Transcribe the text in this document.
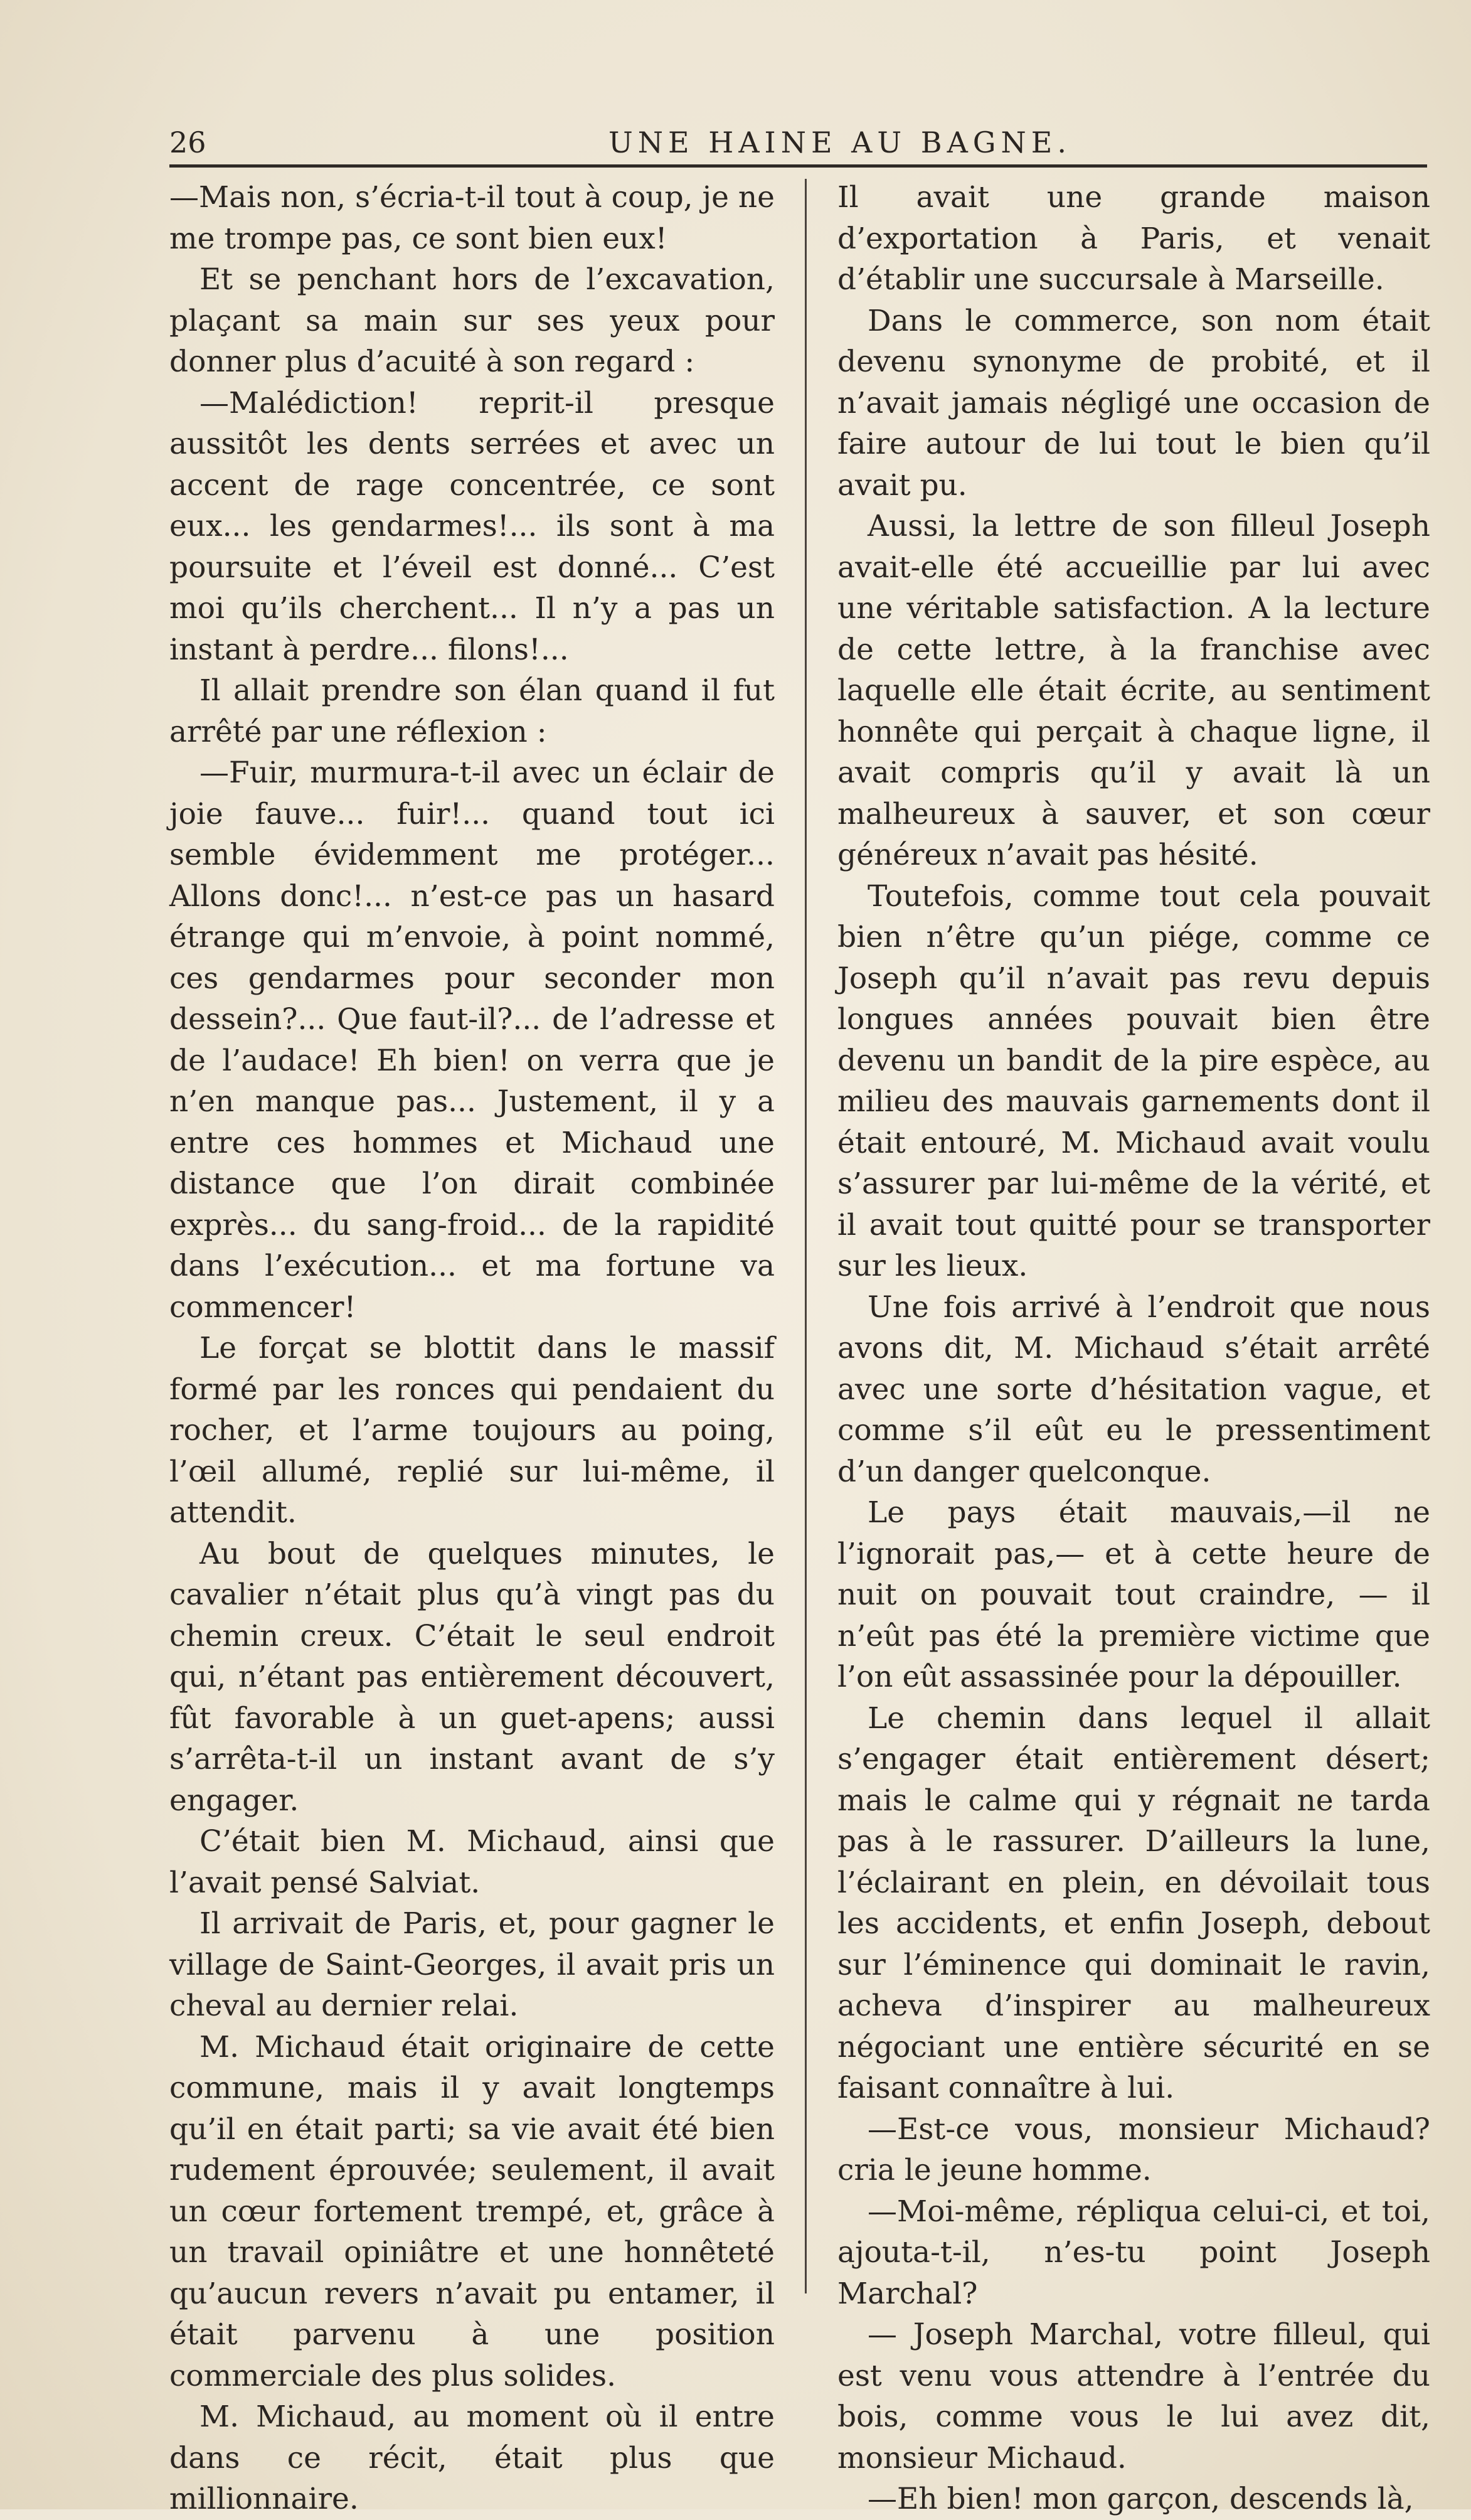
26	UNE HAINE AU BAGNE.

—Mais non, s’écria-t-il tout à coup, je ne me trompe pas, ce sont bien eux!

Et se penchant hors de l’excavation, plaçant sa main sur ses yeux pour donner plus d’acuité à son regard :

—Malédiction! reprit-il presque aussitôt les dents serrées et avec un accent de rage concentrée, ce sont eux... les gendarmes!... ils sont à ma poursuite et l’éveil est donné... C’est moi qu’ils cherchent... Il n’y a pas un instant à perdre... filons!...

Il allait prendre son élan quand il fut arrêté par une réflexion :

—Fuir, murmura-t-il avec un éclair de joie fauve... fuir!... quand tout ici semble évidemment me protéger... Allons donc!... n’est-ce pas un hasard étrange qui m’envoie, à point nommé, ces gendarmes pour seconder mon dessein?... Que faut-il?... de l’adresse et de l’audace! Eh bien! on verra que je n’en manque pas... Justement, il y a entre ces hommes et Michaud une distance que l’on dirait combinée exprès... du sang-froid... de la rapidité dans l’exécution... et ma fortune va commencer!

Le forçat se blottit dans le massif formé par les ronces qui pendaient du rocher, et l’arme toujours au poing, l’œil allumé, replié sur lui-même, il attendit.

Au bout de quelques minutes, le cavalier n’était plus qu’à vingt pas du chemin creux. C’était le seul endroit qui, n’étant pas entièrement découvert, fût favorable à un guet-apens; aussi s’arrêta-t-il un instant avant de s’y engager.

C’était bien M. Michaud, ainsi que l’avait pensé Salviat.

Il arrivait de Paris, et, pour gagner le village de Saint-Georges, il avait pris un cheval au dernier relai.

M. Michaud était originaire de cette commune, mais il y avait longtemps qu’il en était parti; sa vie avait été bien rudement éprouvée; seulement, il avait un cœur fortement trempé, et, grâce à un travail opiniâtre et une honnêteté qu’aucun revers n’avait pu entamer, il était parvenu à une position commerciale des plus solides.

M. Michaud, au moment où il entre dans ce récit, était plus que millionnaire.

Il avait une grande maison d’exportation à Paris, et venait d’établir une succursale à Marseille.

Dans le commerce, son nom était devenu synonyme de probité, et il n’avait jamais négligé une occasion de faire autour de lui tout le bien qu’il avait pu.

Aussi, la lettre de son filleul Joseph avait-elle été accueillie par lui avec une véritable satisfaction. A la lecture de cette lettre, à la franchise avec laquelle elle était écrite, au sentiment honnête qui perçait à chaque ligne, il avait compris qu’il y avait là un malheureux à sauver, et son cœur généreux n’avait pas hésité.

Toutefois, comme tout cela pouvait bien n’être qu’un piége, comme ce Joseph qu’il n’avait pas revu depuis longues années pouvait bien être devenu un bandit de la pire espèce, au milieu des mauvais garnements dont il était entouré, M. Michaud avait voulu s’assurer par lui-même de la vérité, et il avait tout quitté pour se transporter sur les lieux.

Une fois arrivé à l’endroit que nous avons dit, M. Michaud s’était arrêté avec une sorte d’hésitation vague, et comme s’il eût eu le pressentiment d’un danger quelconque.

Le pays était mauvais,—il ne l’ignorait pas,— et à cette heure de nuit on pouvait tout craindre, — il n’eût pas été la première victime que l’on eût assassinée pour la dépouiller.

Le chemin dans lequel il allait s’engager était entièrement désert; mais le calme qui y régnait ne tarda pas à le rassurer. D’ailleurs la lune, l’éclairant en plein, en dévoilait tous les accidents, et enfin Joseph, debout sur l’éminence qui dominait le ravin, acheva d’inspirer au malheureux négociant une entière sécurité en se faisant connaître à lui.

—Est-ce vous, monsieur Michaud? cria le jeune homme.

—Moi-même, répliqua celui-ci, et toi, ajouta-t-il, n’es-tu point Joseph Marchal?

— Joseph Marchal, votre filleul, qui est venu vous attendre à l’entrée du bois, comme vous le lui avez dit, monsieur Michaud.

—Eh bien! mon garçon, descends là,
